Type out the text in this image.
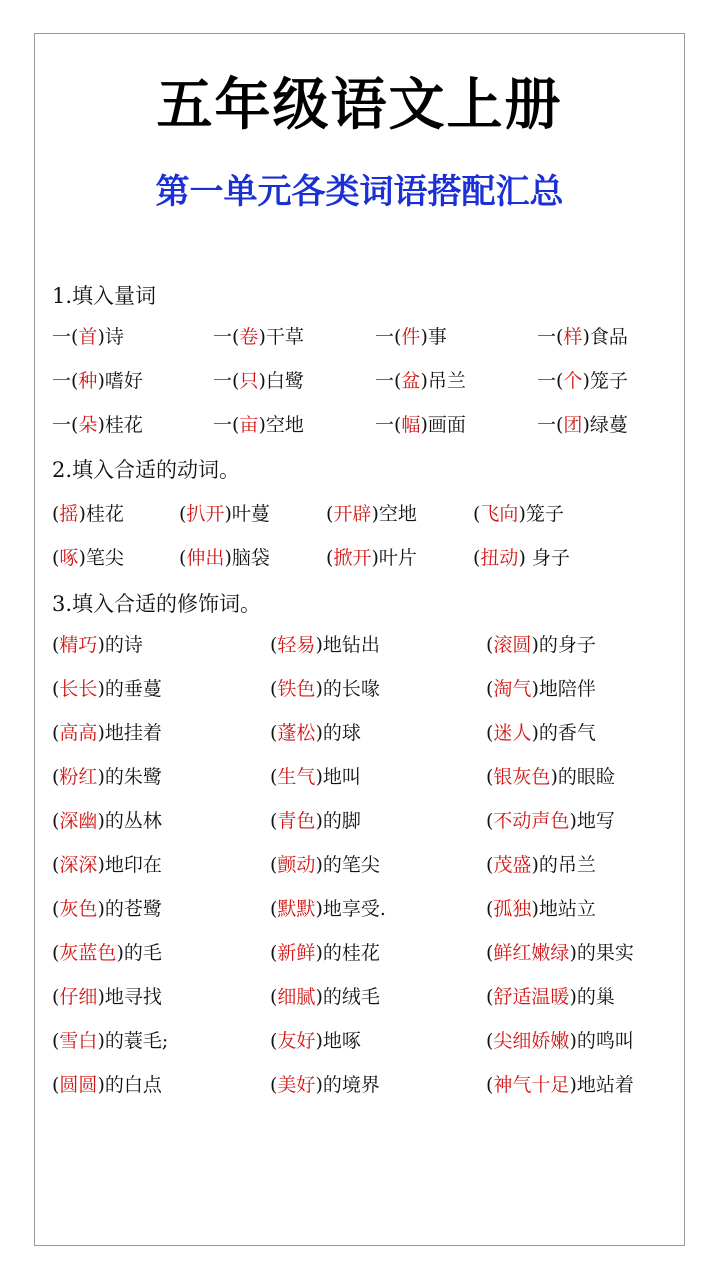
五年级语文上册
第一单元各类词语搭配汇总
1.填入量词
一(首)诗	一(卷)干草	一(件)事	一(样)食品
一(种)嗜好	一(只)白鹭	一(盆)吊兰	一(个)笼子
一(朵)桂花	一(亩)空地	一(幅)画面	一(团)绿蔓
2.填入合适的动词。
(摇)桂花	(扒开)叶蔓	(开辟)空地	(飞向)笼子
(啄)笔尖	(伸出)脑袋	(掀开)叶片	(扭动) 身子
3.填入合适的修饰词。
(精巧)的诗	(轻易)地钻出	(滚圆)的身子
(长长)的垂蔓	(铁色)的长喙	(淘气)地陪伴
(高高)地挂着	(蓬松)的球	(迷人)的香气
(粉红)的朱鹭	(生气)地叫	(银灰色)的眼睑
(深幽)的丛林	(青色)的脚	(不动声色)地写
(深深)地印在	(颤动)的笔尖	(茂盛)的吊兰
(灰色)的苍鹭	(默默)地享受.	(孤独)地站立
(灰蓝色)的毛	(新鲜)的桂花	(鲜红嫩绿)的果实
(仔细)地寻找	(细腻)的绒毛	(舒适温暖)的巢
(雪白)的蓑毛;	(友好)地啄	(尖细娇嫩)的鸣叫
(圆圆)的白点	(美好)的境界	(神气十足)地站着
